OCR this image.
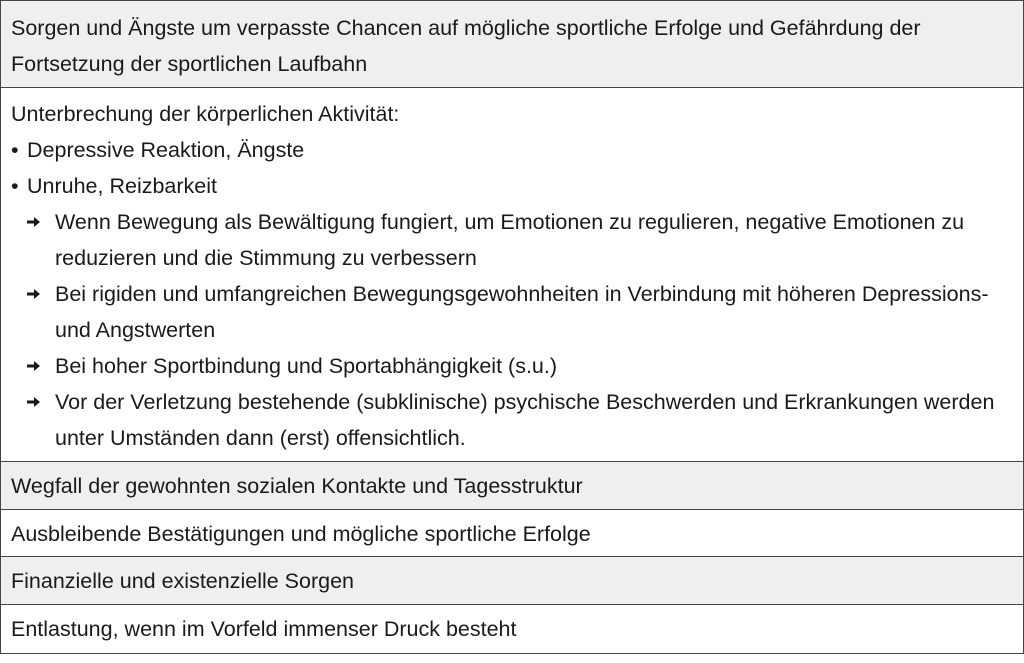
Sorgen und Ängste um verpasste Chancen auf mögliche sportliche Erfolge und Gefährdung der Fortsetzung der sportlichen Laufbahn
Unterbrechung der körperlichen Aktivität:
• Depressive Reaktion, Ängste
• Unruhe, Reizbarkeit
Wenn Bewegung als Bewältigung fungiert, um Emotionen zu regulieren, negative Emotionen zu reduzieren und die Stimmung zu verbessern
Bei rigiden und umfangreichen Bewegungsgewohnheiten in Verbindung mit höheren Depressions- und Angstwerten
Bei hoher Sportbindung und Sportabhängigkeit (s.u.)
Vor der Verletzung bestehende (subklinische) psychische Beschwerden und Erkrankungen werden unter Umständen dann (erst) offensichtlich.
Wegfall der gewohnten sozialen Kontakte und Tagesstruktur
Ausbleibende Bestätigungen und mögliche sportliche Erfolge
Finanzielle und existenzielle Sorgen
Entlastung, wenn im Vorfeld immenser Druck besteht
